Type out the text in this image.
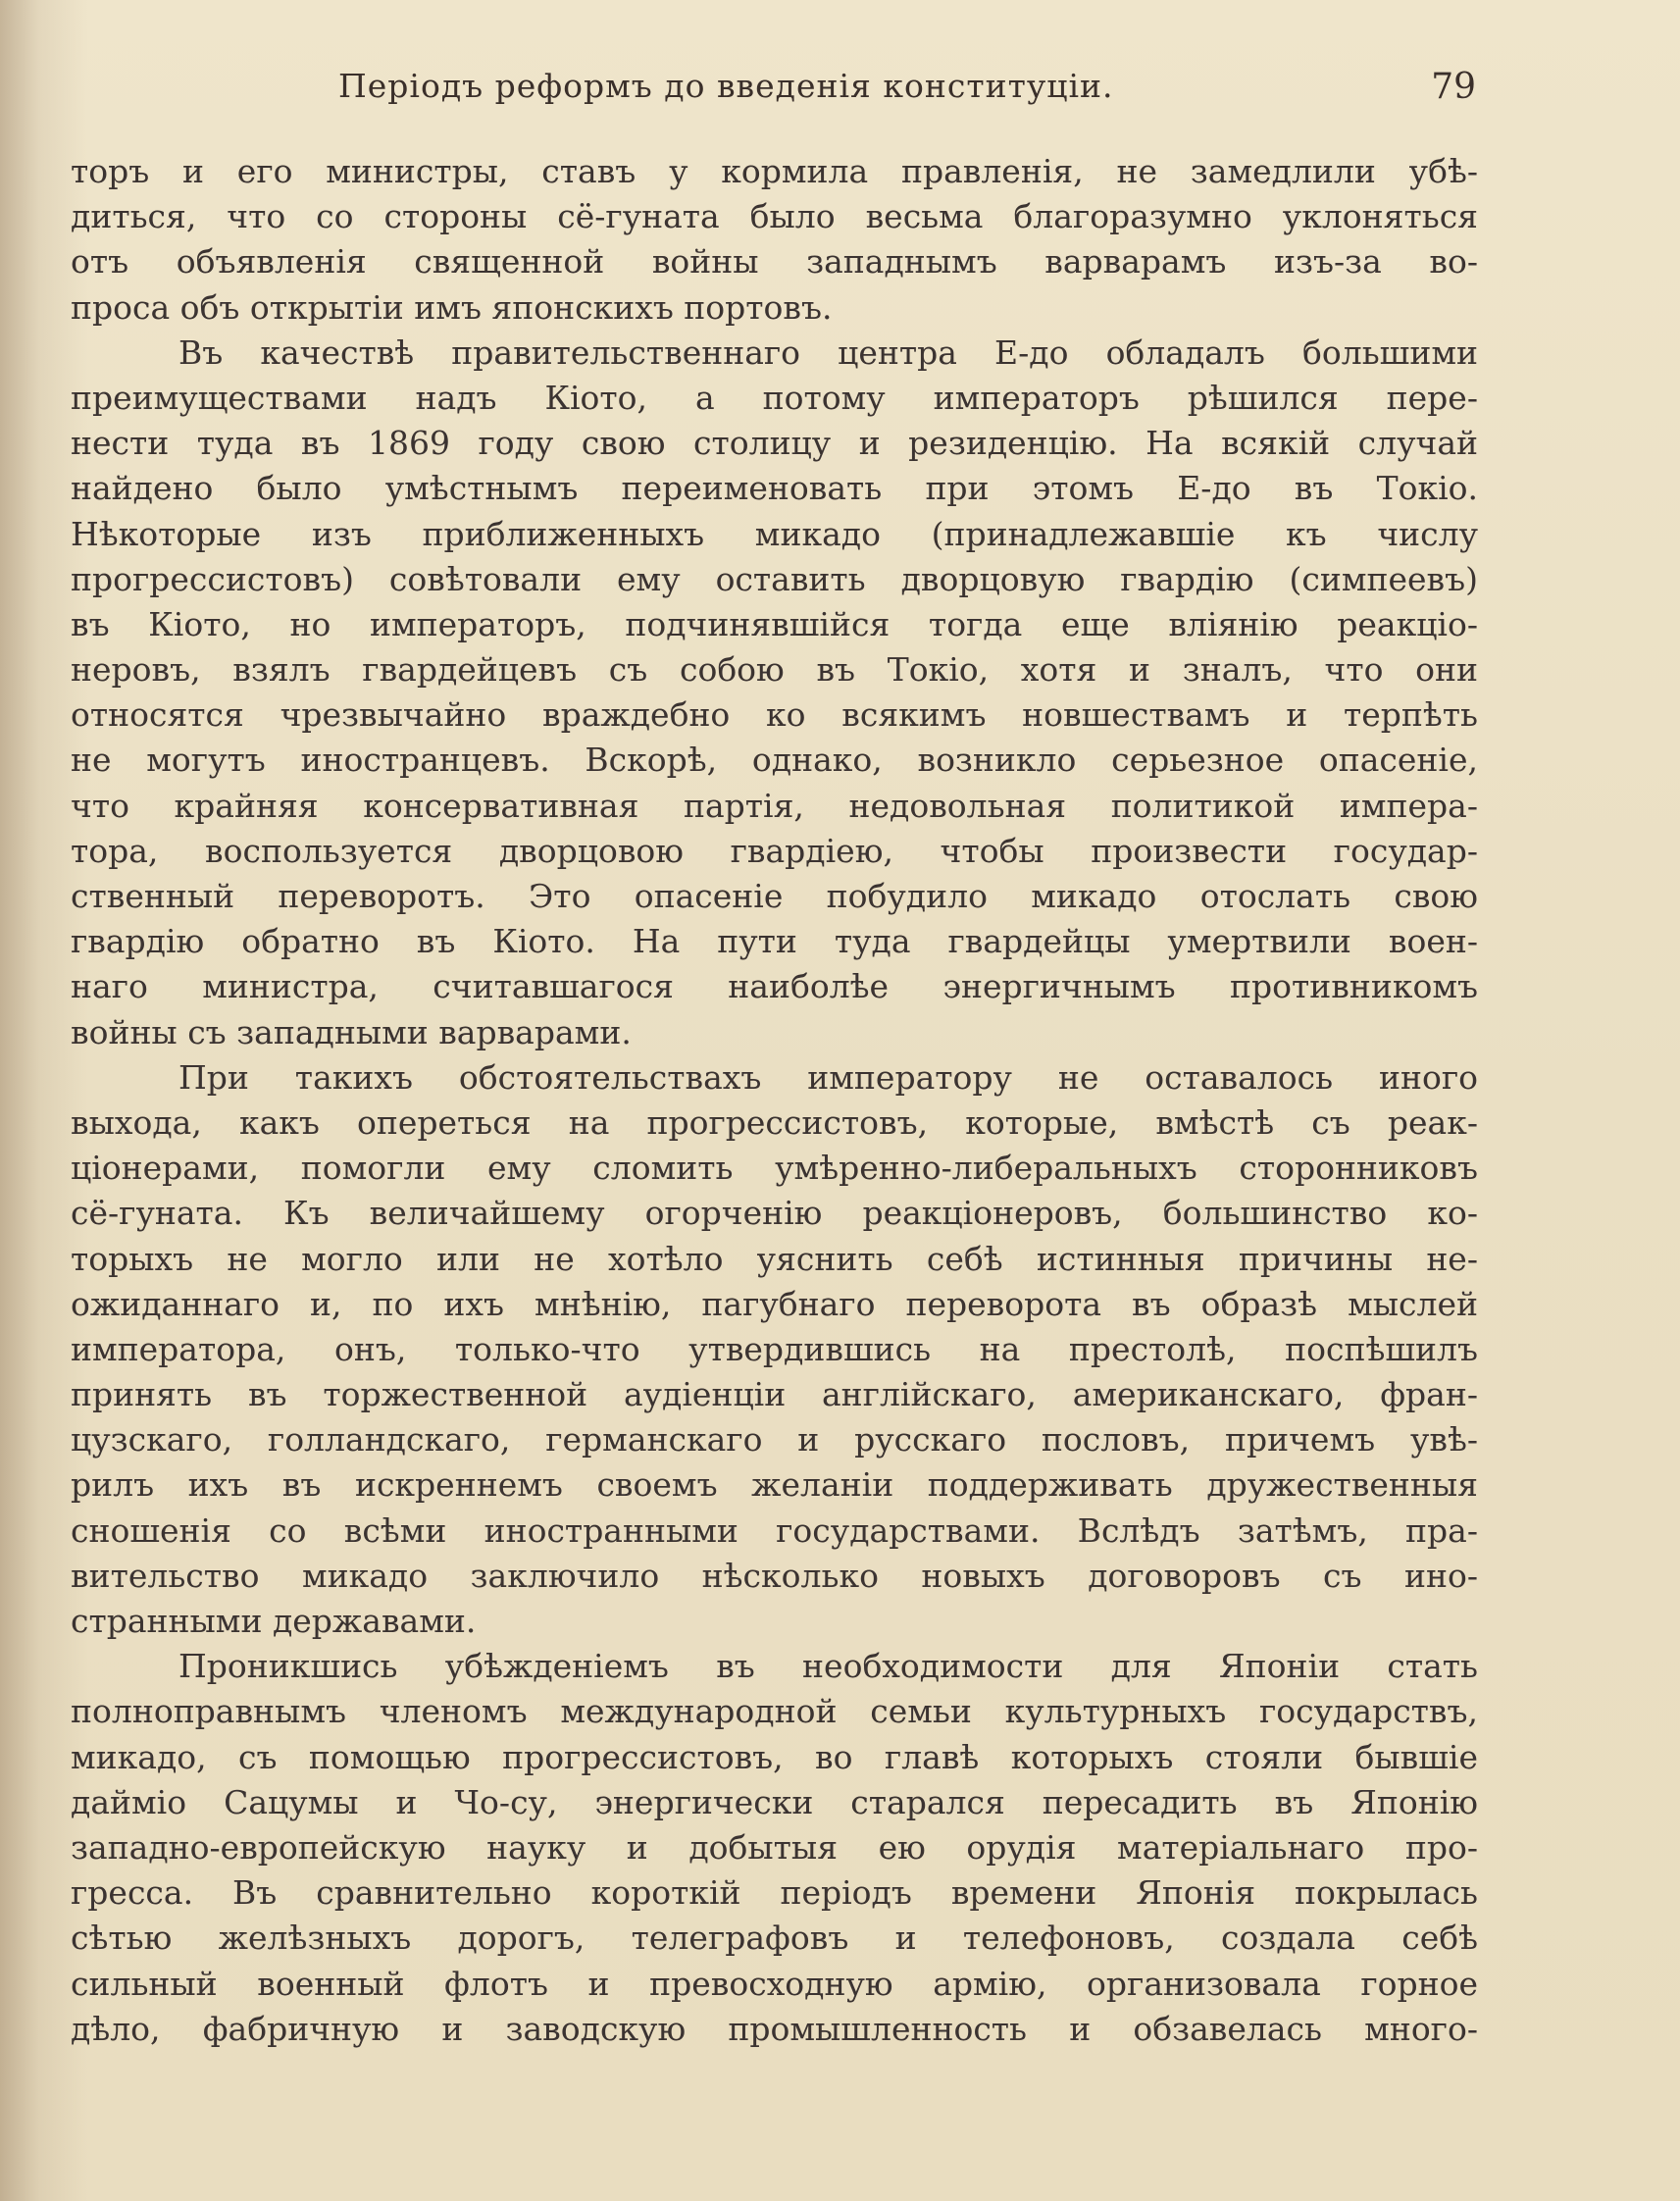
Періодъ реформъ до введенія конституціи.	79
торъ и его министры, ставъ у кормила правленія, не замедлили убѣ-
диться, что со стороны сё-гуната было весьма благоразумно уклоняться
отъ объявленія священной войны западнымъ варварамъ изъ-за во-
проса объ открытіи имъ японскихъ портовъ.
Въ качествѣ правительственнаго центра Е-до обладалъ большими
преимуществами надъ Кіото, а потому императоръ рѣшился пере-
нести туда въ 1869 году свою столицу и резиденцію. На всякій случай
найдено было умѣстнымъ переименовать при этомъ Е-до въ Токіо.
Нѣкоторые изъ приближенныхъ микадо (принадлежавшіе къ числу
прогрессистовъ) совѣтовали ему оставить дворцовую гвардію (симпеевъ)
въ Кіото, но императоръ, подчинявшійся тогда еще вліянію реакціо-
неровъ, взялъ гвардейцевъ съ собою въ Токіо, хотя и зналъ, что они
относятся чрезвычайно враждебно ко всякимъ новшествамъ и терпѣть
не могутъ иностранцевъ. Вскорѣ, однако, возникло серьезное опасеніе,
что крайняя консервативная партія, недовольная политикой импера-
тора, воспользуется дворцовою гвардіею, чтобы произвести государ-
ственный переворотъ. Это опасеніе побудило микадо отослать свою
гвардію обратно въ Кіото. На пути туда гвардейцы умертвили воен-
наго министра, считавшагося наиболѣе энергичнымъ противникомъ
войны съ западными варварами.
При такихъ обстоятельствахъ императору не оставалось иного
выхода, какъ опереться на прогрессистовъ, которые, вмѣстѣ съ реак-
ціонерами, помогли ему сломить умѣренно-либеральныхъ сторонниковъ
сё-гуната. Къ величайшему огорченію реакціонеровъ, большинство ко-
торыхъ не могло или не хотѣло уяснить себѣ истинныя причины не-
ожиданнаго и, по ихъ мнѣнію, пагубнаго переворота въ образѣ мыслей
императора, онъ, только-что утвердившись на престолѣ, поспѣшилъ
принять въ торжественной аудіенціи англійскаго, американскаго, фран-
цузскаго, голландскаго, германскаго и русскаго пословъ, причемъ увѣ-
рилъ ихъ въ искреннемъ своемъ желаніи поддерживать дружественныя
сношенія со всѣми иностранными государствами. Вслѣдъ затѣмъ, пра-
вительство микадо заключило нѣсколько новыхъ договоровъ съ ино-
странными державами.
Проникшись убѣжденіемъ въ необходимости для Японіи стать
полноправнымъ членомъ международной семьи культурныхъ государствъ,
микадо, съ помощью прогрессистовъ, во главѣ которыхъ стояли бывшіе
дайміо Сацумы и Чо-су, энергически старался пересадить въ Японію
западно-европейскую науку и добытыя ею орудія матеріальнаго про-
гресса. Въ сравнительно короткій періодъ времени Японія покрылась
сѣтью желѣзныхъ дорогъ, телеграфовъ и телефоновъ, создала себѣ
сильный военный флотъ и превосходную армію, организовала горное
дѣло, фабричную и заводскую промышленность и обзавелась много-
